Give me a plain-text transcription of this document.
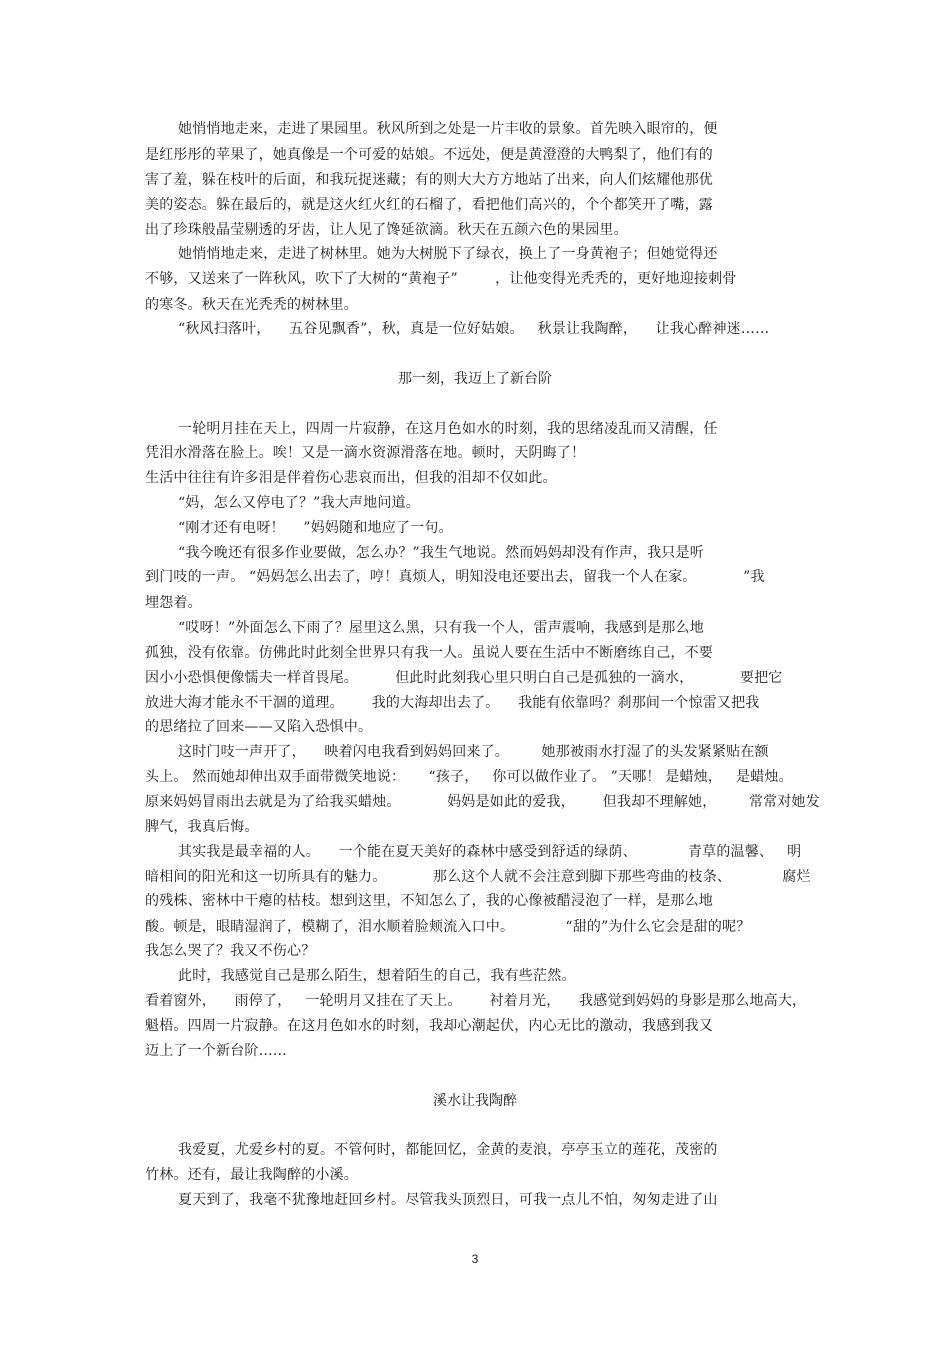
她悄悄地走来，走进了果园里。秋风所到之处是一片丰收的景象。首先映入眼帘的，便
是红彤彤的苹果了，她真像是一个可爱的姑娘。不远处，便是黄澄澄的大鸭梨了，他们有的
害了羞，躲在枝叶的后面，和我玩捉迷藏；有的则大大方方地站了出来，向人们炫耀他那优
美的姿态。躲在最后的，就是这火红火红的石榴了，看把他们高兴的，个个都笑开了嘴，露
出了珍珠般晶莹剔透的牙齿，让人见了馋延欲滴。秋天在五颜六色的果园里。
她悄悄地走来，走进了树林里。她为大树脱下了绿衣，换上了一身黄袍子；但她觉得还
不够，又送来了一阵秋风，吹下了大树的“黄袍子”        ，让他变得光秃秃的，更好地迎接刺骨
的寒冬。秋天在光秃秃的树林里。
“秋风扫落叶，    五谷见飘香”，秋，真是一位好姑娘。   秋景让我陶醉，    让我心醉神迷……
那一刻，我迈上了新台阶
一轮明月挂在天上，四周一片寂静，在这月色如水的时刻，我的思绪凌乱而又清醒，任
凭泪水滑落在脸上。唉！又是一滴水资源滑落在地。顿时，天阴晦了！
生活中往往有许多泪是伴着伤心悲哀而出，但我的泪却不仅如此。
“妈，怎么又停电了？”我大声地问道。
“刚才还有电呀！    ”妈妈随和地应了一句。
“我今晚还有很多作业要做，怎么办？”我生气地说。然而妈妈却没有作声，我只是听
到门吱的一声。 “妈妈怎么出去了，哼！真烦人，明知没电还要出去，留我一个人在家。          ”我
埋怨着。
“哎呀！”外面怎么下雨了？屋里这么黑，只有我一个人，雷声震响，我感到是那么地
孤独，没有依靠。仿佛此时此刻全世界只有我一人。虽说人要在生活中不断磨练自己，不要
因小小恐惧便像懦夫一样首畏尾。        但此时此刻我心里只明白自己是孤独的一滴水，          要把它
放进大海才能永不干涸的道理。      我的大海却出去了。    我能有依靠吗？刹那间一个惊雷又把我
的思绪拉了回来——又陷入恐惧中。
这时门吱一声开了，    映着闪电我看到妈妈回来了。       她那被雨水打湿了的头发紧紧贴在额
头上。 然而她却伸出双手面带微笑地说：     “孩子，   你可以做作业了。 ”天哪！ 是蜡烛，   是蜡烛。
原来妈妈冒雨出去就是为了给我买蜡烛。          妈妈是如此的爱我，      但我却不理解她，       常常对她发
脾气，我真后悔。
其实我是最幸福的人。    一个能在夏天美好的森林中感受到舒适的绿荫、           青草的温馨、   明
暗相间的阳光和这一切所具有的魅力。          那么这个人就不会注意到脚下那些弯曲的枝条、           腐烂
的残株、密林中干瘪的枯枝。想到这里，不知怎么了，我的心像被醋浸泡了一样，是那么地
酸。顿是，眼睛湿润了，模糊了，泪水顺着脸颊流入口中。           “甜的”为什么它会是甜的呢？
我怎么哭了？我又不伤心？
此时，我感觉自己是那么陌生，想着陌生的自己，我有些茫然。
看着窗外，    雨停了，   一轮明月又挂在了天上。      衬着月光，    我感觉到妈妈的身影是那么地高大，
魁梧。四周一片寂静。在这月色如水的时刻，我却心潮起伏，内心无比的激动，我感到我又
迈上了一个新台阶……
溪水让我陶醉
我爱夏，尤爱乡村的夏。不管何时，都能回忆，金黄的麦浪，亭亭玉立的莲花，茂密的
竹林。还有，最让我陶醉的小溪。
夏天到了，我毫不犹豫地赶回乡村。尽管我头顶烈日，可我一点儿不怕，匆匆走进了山
3
